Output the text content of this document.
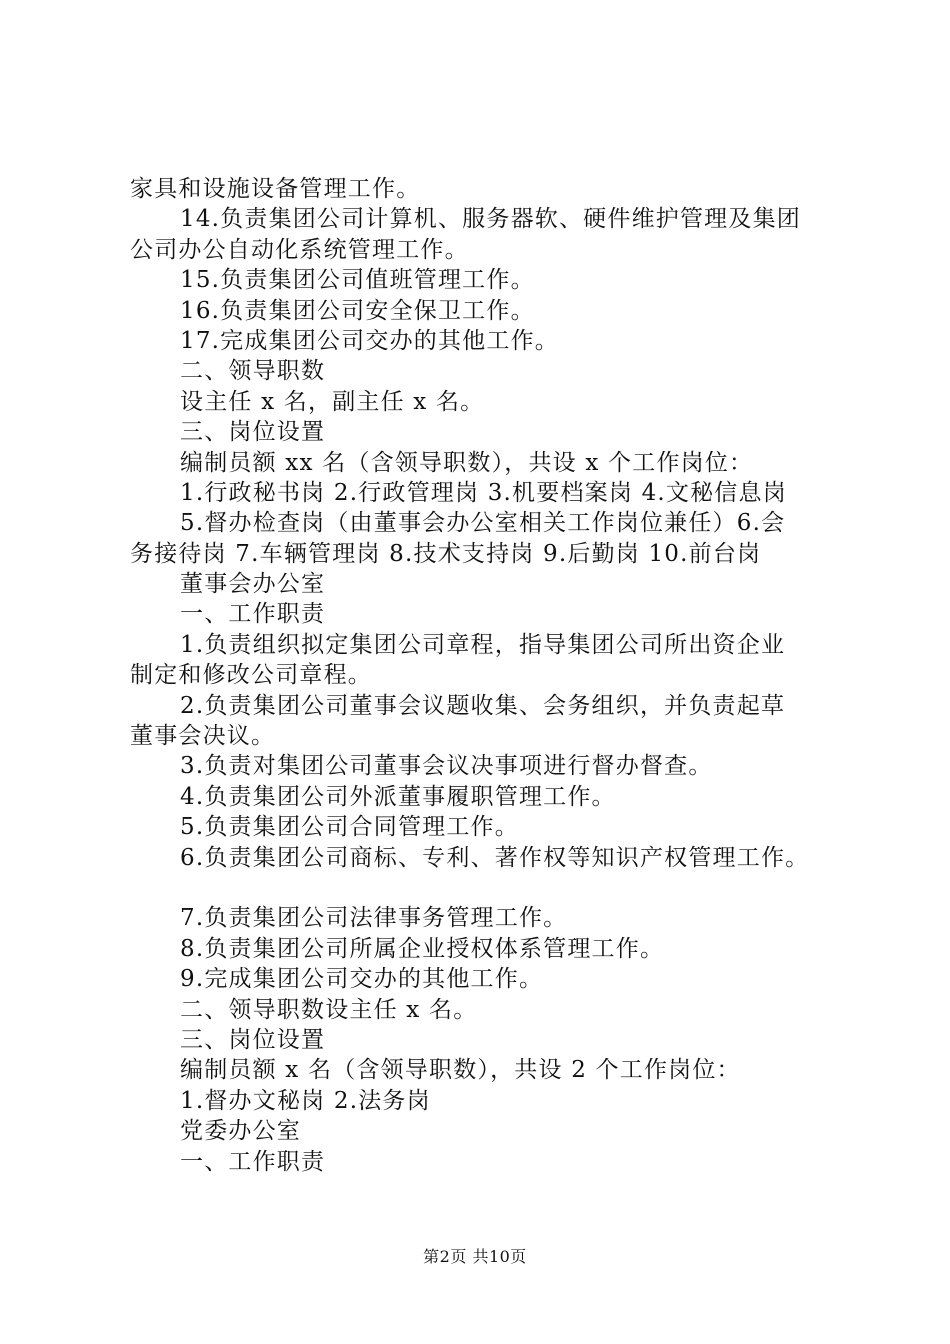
家具和设施设备管理工作。
14.负责集团公司计算机、服务器软、硬件维护管理及集团
公司办公自动化系统管理工作。
15.负责集团公司值班管理工作。
16.负责集团公司安全保卫工作。
17.完成集团公司交办的其他工作。
二、领导职数
设主任 x 名，副主任 x 名。
三、岗位设置
编制员额 xx 名（含领导职数），共设 x 个工作岗位：
1.行政秘书岗 2.行政管理岗 3.机要档案岗 4.文秘信息岗
5.督办检查岗（由董事会办公室相关工作岗位兼任）6.会
务接待岗 7.车辆管理岗 8.技术支持岗 9.后勤岗 10.前台岗
董事会办公室
一、工作职责
1.负责组织拟定集团公司章程，指导集团公司所出资企业
制定和修改公司章程。
2.负责集团公司董事会议题收集、会务组织，并负责起草
董事会决议。
3.负责对集团公司董事会议决事项进行督办督查。
4.负责集团公司外派董事履职管理工作。
5.负责集团公司合同管理工作。
6.负责集团公司商标、专利、著作权等知识产权管理工作。
7.负责集团公司法律事务管理工作。
8.负责集团公司所属企业授权体系管理工作。
9.完成集团公司交办的其他工作。
二、领导职数设主任 x 名。
三、岗位设置
编制员额 x 名（含领导职数），共设 2 个工作岗位：
1.督办文秘岗 2.法务岗
党委办公室
一、工作职责
第2页 共10页
